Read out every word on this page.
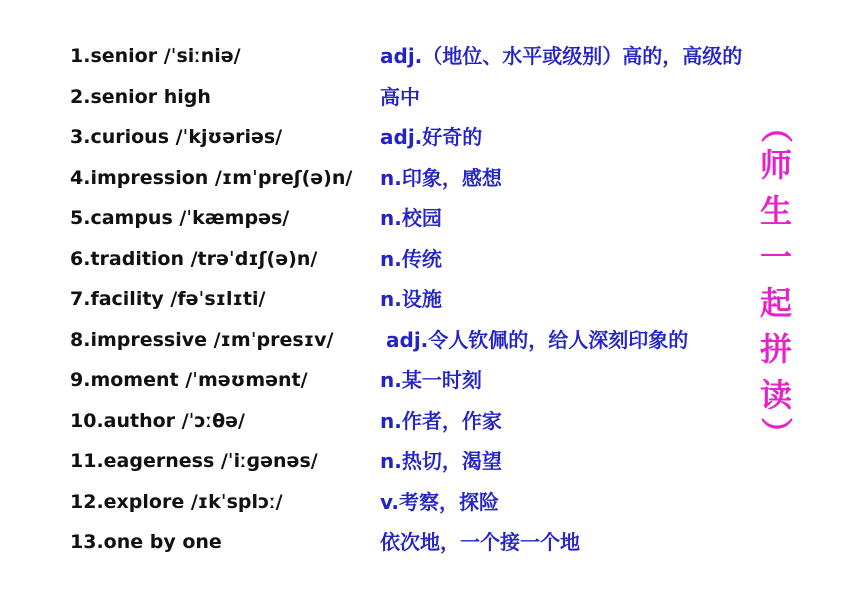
1.senior /ˈsiːniə/
2.senior high
3.curious /ˈkjʊəriəs/
4.impression /ɪmˈpreʃ(ə)n/
5.campus /ˈkæmpəs/
6.tradition /trəˈdɪʃ(ə)n/
7.facility /fəˈsɪlɪti/
8.impressive /ɪmˈpresɪv/
9.moment /ˈməʊmənt/
10.author /ˈɔːθə/
11.eagerness /ˈiːɡənəs/
12.explore /ɪkˈsplɔː/
13.one by one
adj.（地位、水平或级别）高的，高级的
高中
adj.好奇的
n.印象，感想
n.校园
n.传统
n.设施
adj.令人钦佩的，给人深刻印象的
n.某一时刻
n.作者，作家
n.热切，渴望
v.考察，探险
依次地，一个接一个地
（
师
生
一
起
拼
读
）
